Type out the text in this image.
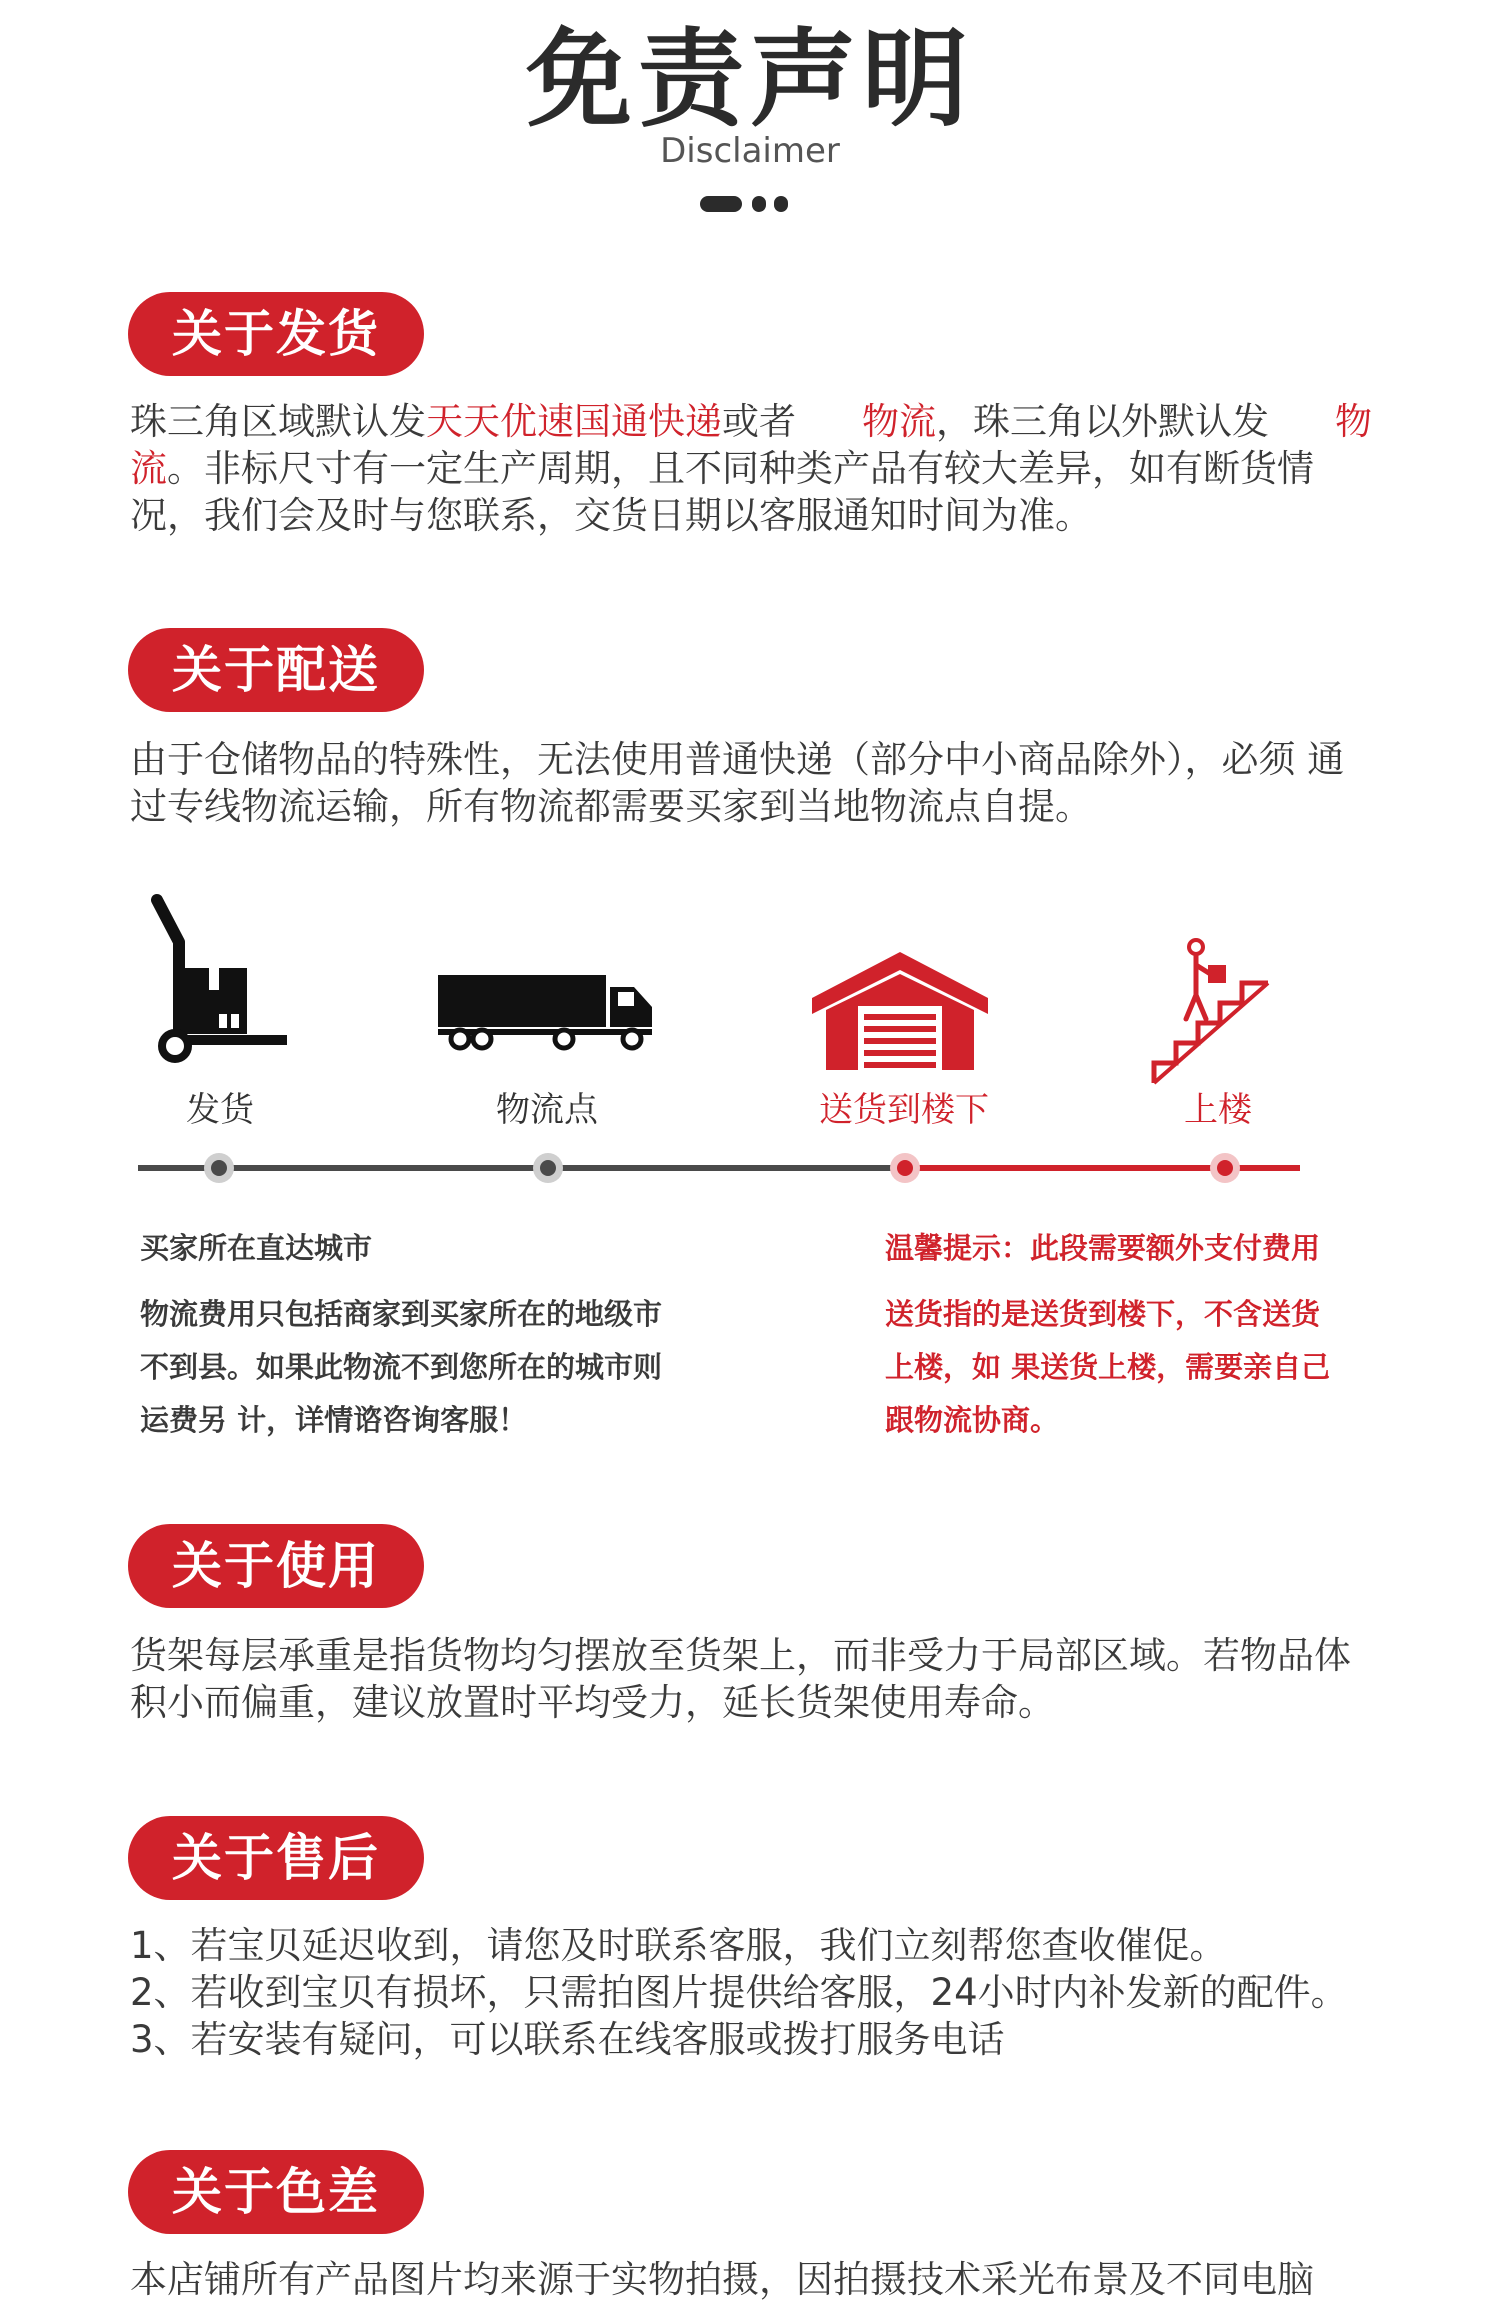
免责声明
Disclaimer
关于发货
珠三角区域默认发天天优速国通快递或者 物流，珠三角以外默认发 物流。非标尺寸有一定生产周期，且不同种类产品有较大差异，如有断货情况，我们会及时与您联系，交货日期以客服通知时间为准。
关于配送
由于仓储物品的特殊性，无法使用普通快递（部分中小商品除外），必须 通过专线物流运输，所有物流都需要买家到当地物流点自提。
发货	物流点	送货到楼下	上楼
买家所在直达城市
物流费用只包括商家到买家所在的地级市
不到县。如果此物流不到您所在的城市则
运费另 计，详情谘咨询客服！
温馨提示：此段需要额外支付费用
送货指的是送货到楼下，不含送货
上楼，如 果送货上楼，需要亲自己
跟物流协商。
关于使用
货架每层承重是指货物均匀摆放至货架上，而非受力于局部区域。若物品体积小而偏重，建议放置时平均受力，延长货架使用寿命。
关于售后
1、若宝贝延迟收到，请您及时联系客服，我们立刻帮您查收催促。
2、若收到宝贝有损坏，只需拍图片提供给客服，24小时内补发新的配件。
3、若安装有疑问，可以联系在线客服或拨打服务电话
关于色差
本店铺所有产品图片均来源于实物拍摄，因拍摄技术采光布景及不同电脑
